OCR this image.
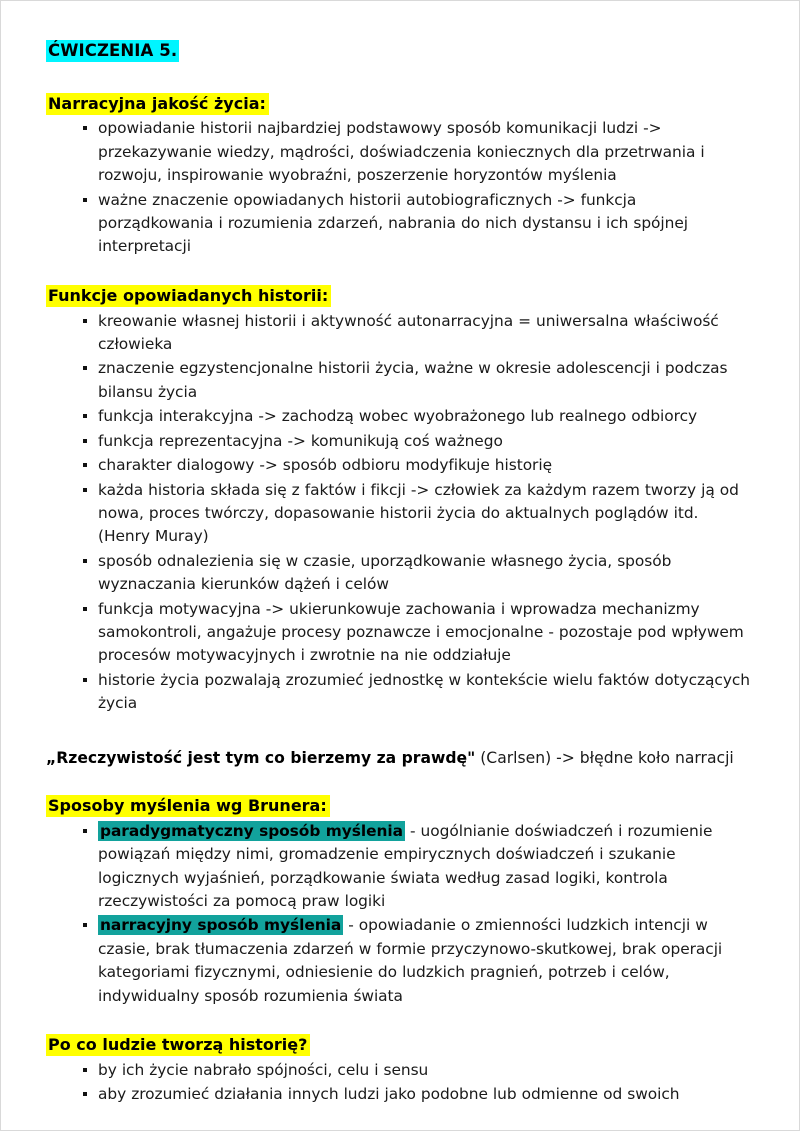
ĆWICZENIA 5.
Narracyjna jakość życia:
opowiadanie historii najbardziej podstawowy sposób komunikacji ludzi -> przekazywanie wiedzy, mądrości, doświadczenia koniecznych dla przetrwania i rozwoju, inspirowanie wyobraźni, poszerzenie horyzontów myślenia
ważne znaczenie opowiadanych historii autobiograficznych -> funkcja porządkowania i rozumienia zdarzeń, nabrania do nich dystansu i ich spójnej interpretacji
Funkcje opowiadanych historii:
kreowanie własnej historii i aktywność autonarracyjna = uniwersalna właściwość człowieka
znaczenie egzystencjonalne historii życia, ważne w okresie adolescencji i podczas bilansu życia
funkcja interakcyjna -> zachodzą wobec wyobrażonego lub realnego odbiorcy
funkcja reprezentacyjna -> komunikują coś ważnego
charakter dialogowy -> sposób odbioru modyfikuje historię
każda historia składa się z faktów i fikcji -> człowiek za każdym razem tworzy ją od nowa, proces twórczy, dopasowanie historii życia do aktualnych poglądów itd. (Henry Muray)
sposób odnalezienia się w czasie, uporządkowanie własnego życia, sposób wyznaczania kierunków dążeń i celów
funkcja motywacyjna -> ukierunkowuje zachowania i wprowadza mechanizmy samokontroli, angażuje procesy poznawcze i emocjonalne - pozostaje pod wpływem procesów motywacyjnych i zwrotnie na nie oddziałuje
historie życia pozwalają zrozumieć jednostkę w kontekście wielu faktów dotyczących życia

„Rzeczywistość jest tym co bierzemy za prawdę" (Carlsen) -> błędne koło narracji

Sposoby myślenia wg Brunera:
paradygmatyczny sposób myślenia - uogólnianie doświadczeń i rozumienie powiązań między nimi, gromadzenie empirycznych doświadczeń i szukanie logicznych wyjaśnień, porządkowanie świata według zasad logiki, kontrola rzeczywistości za pomocą praw logiki
narracyjny sposób myślenia - opowiadanie o zmienności ludzkich intencji w czasie, brak tłumaczenia zdarzeń w formie przyczynowo-skutkowej, brak operacji kategoriami fizycznymi, odniesienie do ludzkich pragnień, potrzeb i celów, indywidualny sposób rozumienia świata
Po co ludzie tworzą historię?
by ich życie nabrało spójności, celu i sensu
aby zrozumieć działania innych ludzi jako podobne lub odmienne od swoich
